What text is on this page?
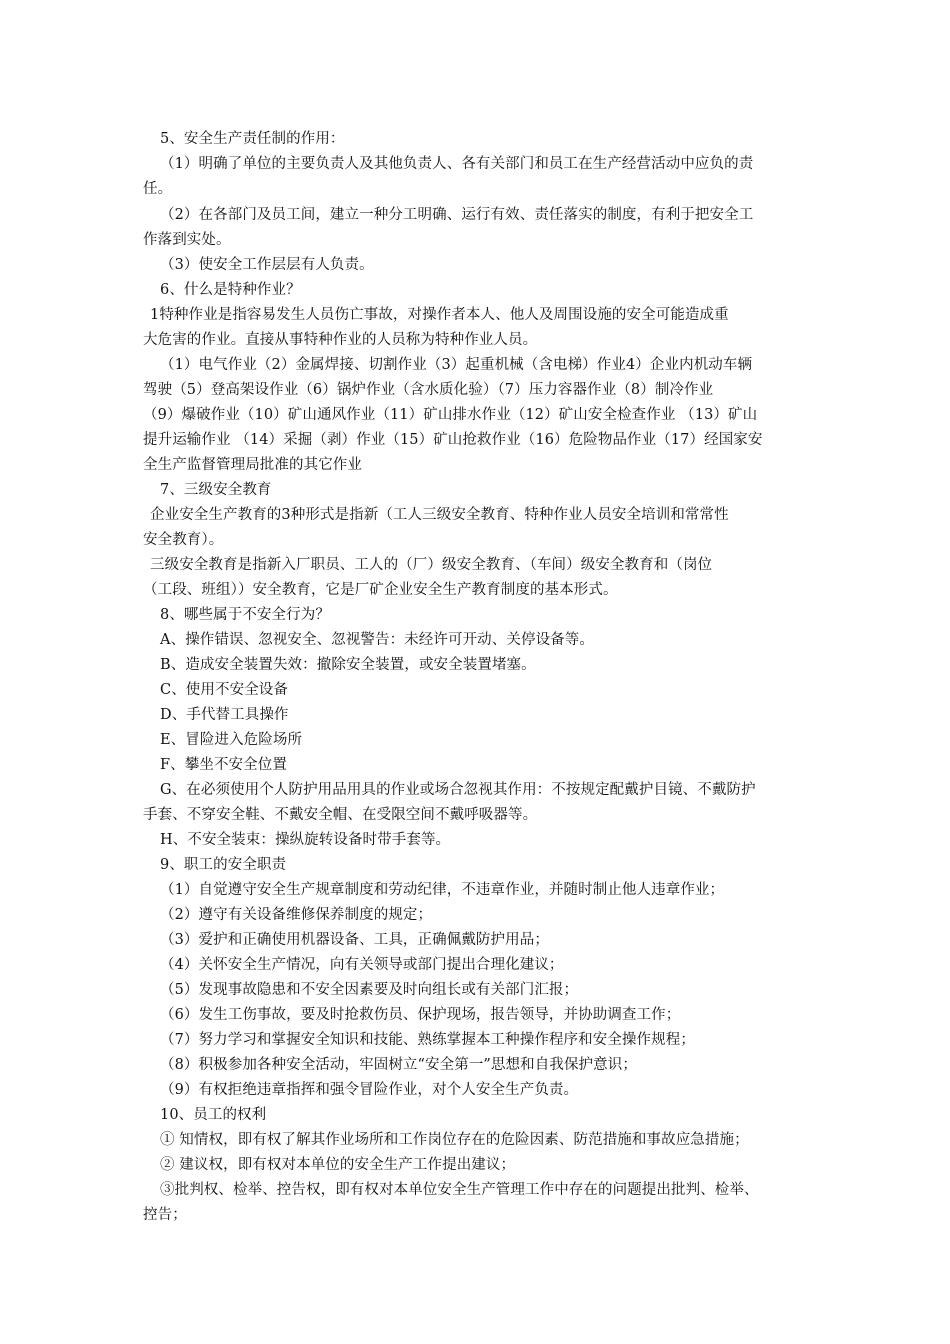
5、安全生产责任制的作用：
（1）明确了单位的主要负责人及其他负责人、各有关部门和员工在生产经营活动中应负的责
任。
（2）在各部门及员工间，建立一种分工明确、运行有效、责任落实的制度，有利于把安全工
作落到实处。
（3）使安全工作层层有人负责。
6、什么是特种作业？
1特种作业是指容易发生人员伤亡事故，对操作者本人、他人及周围设施的安全可能造成重
大危害的作业。直接从事特种作业的人员称为特种作业人员。
（1）电气作业（2）金属焊接、切割作业（3）起重机械（含电梯）作业4）企业内机动车辆
驾驶（5）登高架设作业（6）锅炉作业（含水质化验）（7）压力容器作业（8）制冷作业
（9）爆破作业（10）矿山通风作业（11）矿山排水作业（12）矿山安全检查作业 （13）矿山
提升运输作业 （14）采掘（剥）作业（15）矿山抢救作业（16）危险物品作业（17）经国家安
全生产监督管理局批准的其它作业
7、三级安全教育
企业安全生产教育的3种形式是指新（工人三级安全教育、特种作业人员安全培训和常常性
安全教育）。
三级安全教育是指新入厂职员、工人的（厂）级安全教育、（车间）级安全教育和（岗位
（工段、班组））安全教育，它是厂矿企业安全生产教育制度的基本形式。
8、哪些属于不安全行为？
A、操作错误、忽视安全、忽视警告：未经许可开动、关停设备等。
B、造成安全装置失效：撤除安全装置，或安全装置堵塞。
C、使用不安全设备
D、手代替工具操作
E、冒险进入危险场所
F、攀坐不安全位置
G、在必须使用个人防护用品用具的作业或场合忽视其作用：不按规定配戴护目镜、不戴防护
手套、不穿安全鞋、不戴安全帽、在受限空间不戴呼吸器等。
H、不安全装束：操纵旋转设备时带手套等。
9、职工的安全职责
（1）自觉遵守安全生产规章制度和劳动纪律，不违章作业，并随时制止他人违章作业；
（2）遵守有关设备维修保养制度的规定；
（3）爱护和正确使用机器设备、工具，正确佩戴防护用品；
（4）关怀安全生产情况，向有关领导或部门提出合理化建议；
（5）发现事故隐患和不安全因素要及时向组长或有关部门汇报；
（6）发生工伤事故，要及时抢救伤员、保护现场，报告领导，并协助调查工作；
（7）努力学习和掌握安全知识和技能、熟练掌握本工种操作程序和安全操作规程；
（8）积极参加各种安全活动，牢固树立“安全第一”思想和自我保护意识；
（9）有权拒绝违章指挥和强令冒险作业，对个人安全生产负责。
10、员工的权利
① 知情权，即有权了解其作业场所和工作岗位存在的危险因素、防范措施和事故应急措施；
② 建议权，即有权对本单位的安全生产工作提出建议；
③批判权、检举、控告权，即有权对本单位安全生产管理工作中存在的问题提出批判、检举、
控告；
